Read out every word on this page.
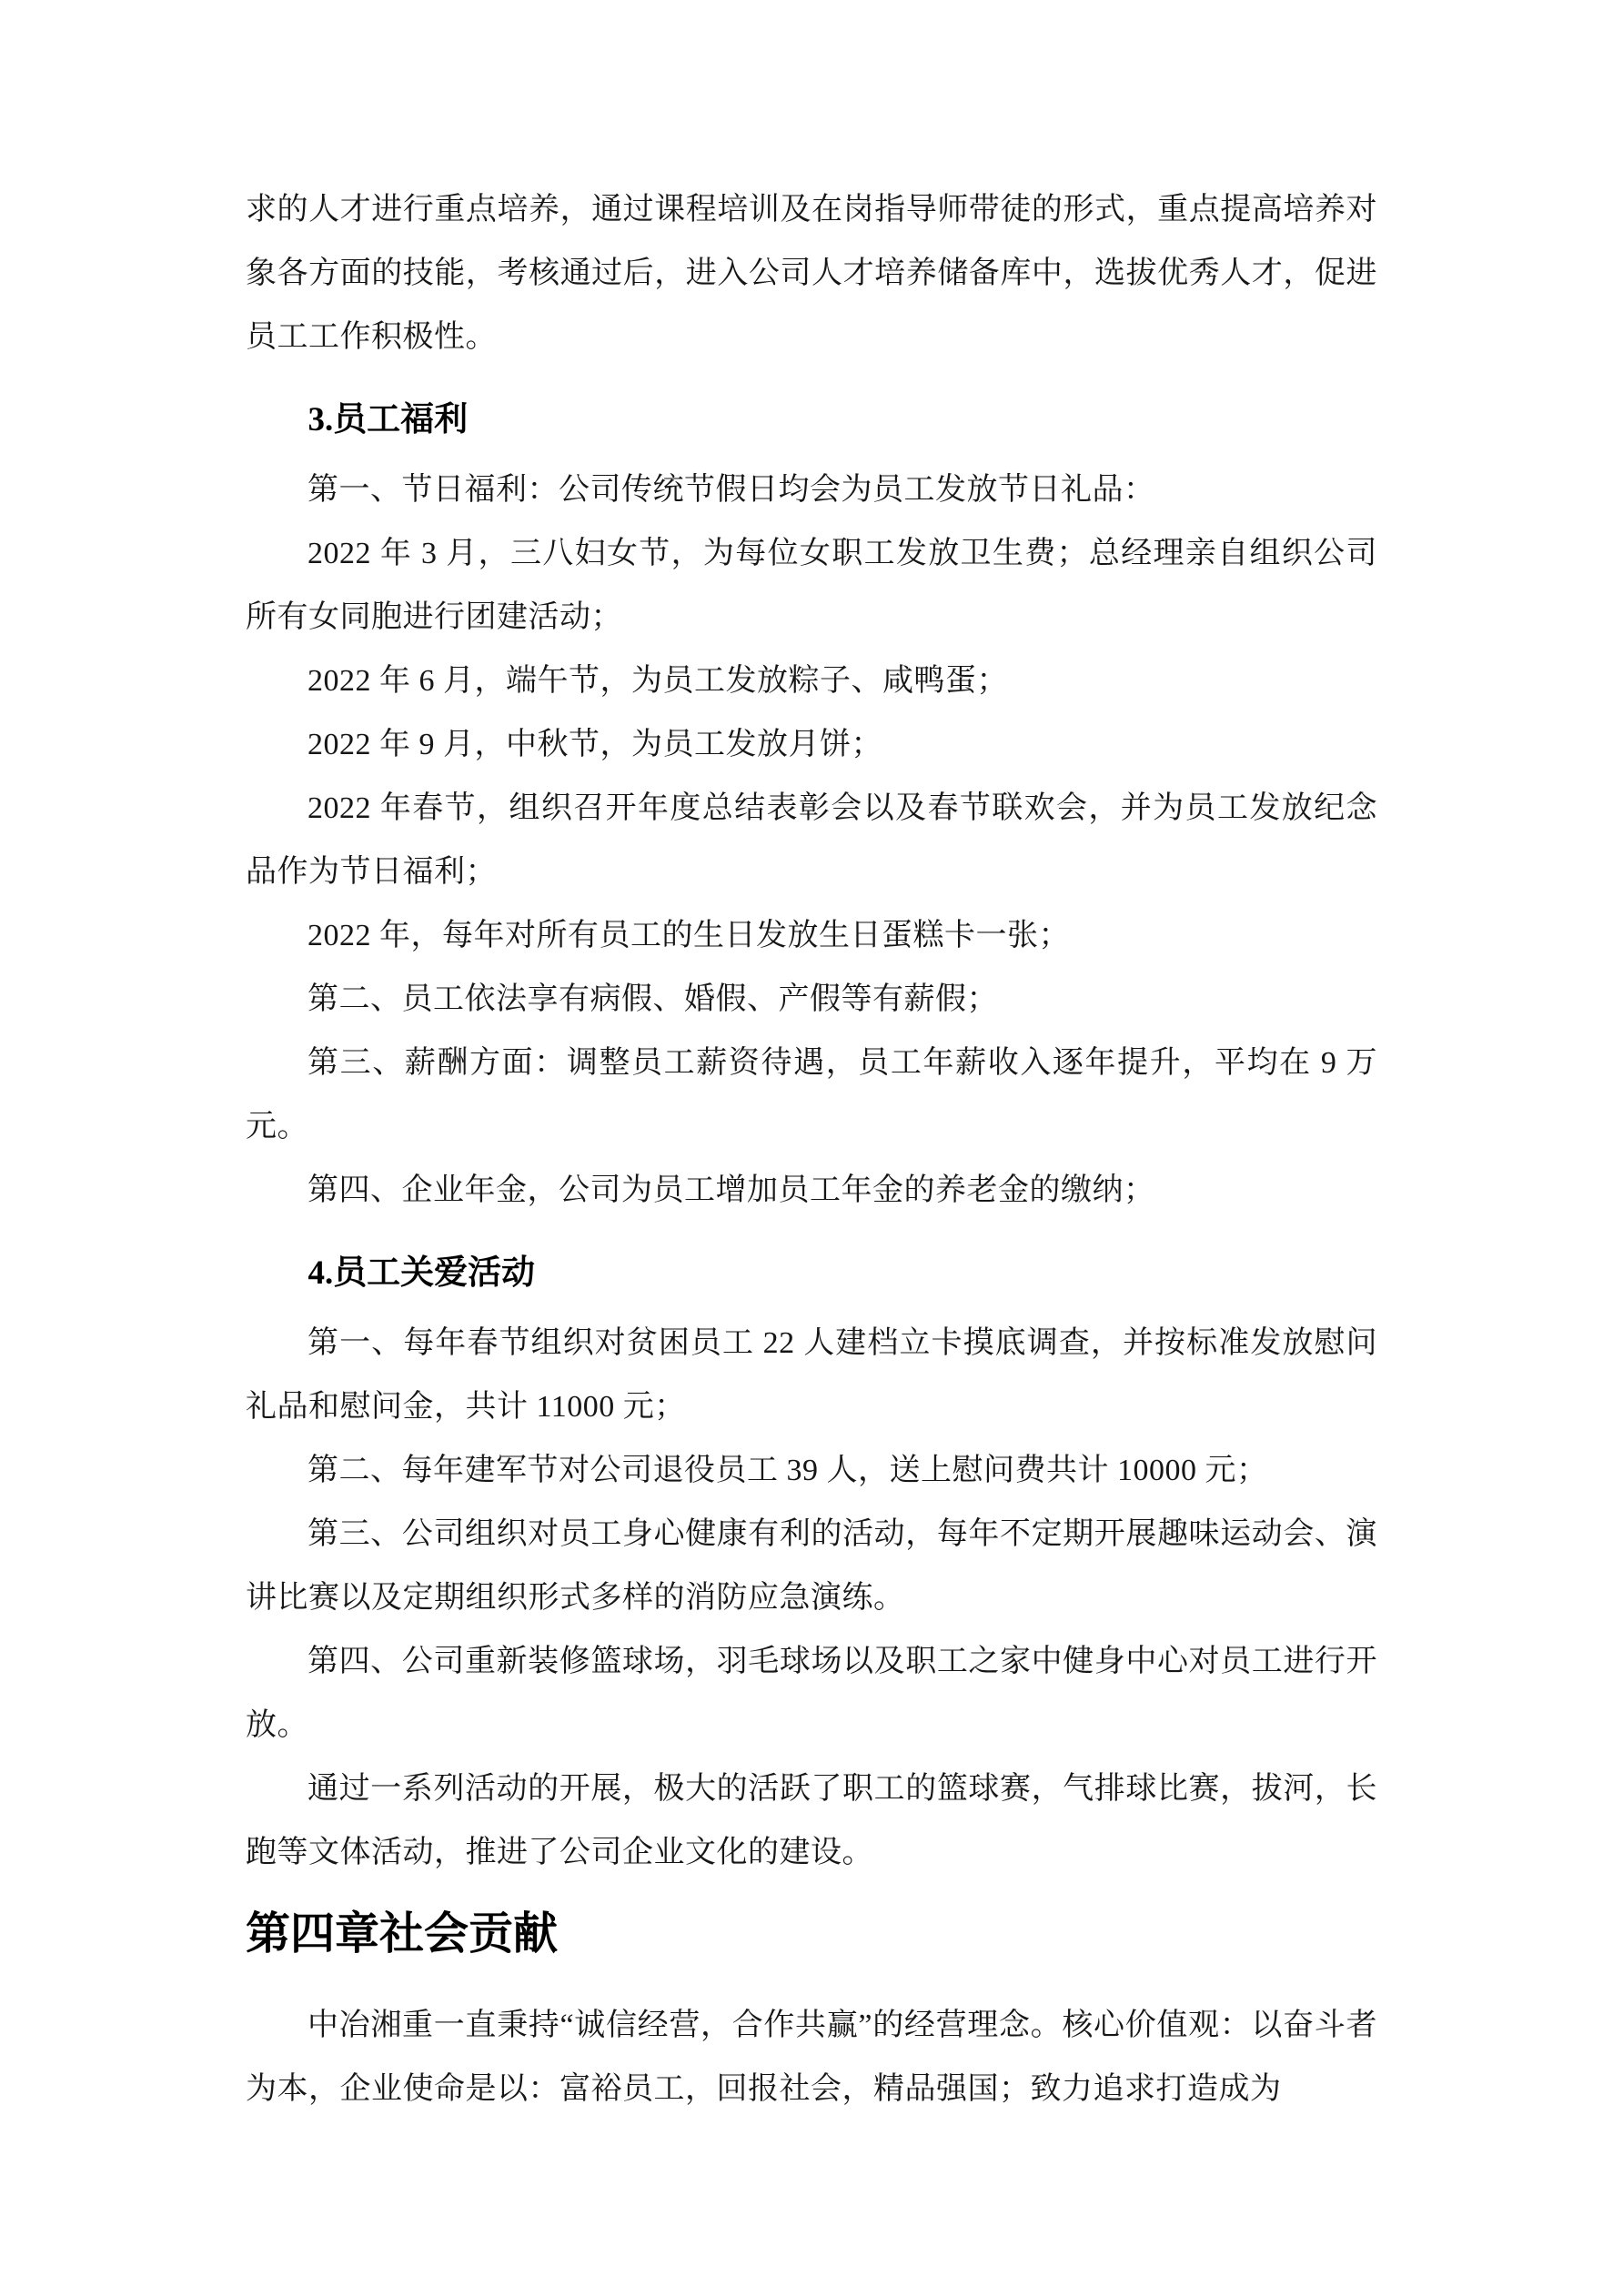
求的人才进行重点培养，通过课程培训及在岗指导师带徒的形式，重点提高培养对象各方面的技能，考核通过后，进入公司人才培养储备库中，选拔优秀人才，促进员工工作积极性。

3.员工福利

第一、节日福利：公司传统节假日均会为员工发放节日礼品：

2022 年 3 月，三八妇女节，为每位女职工发放卫生费；总经理亲自组织公司所有女同胞进行团建活动；

2022 年 6 月，端午节，为员工发放粽子、咸鸭蛋；

2022 年 9 月，中秋节，为员工发放月饼；

2022 年春节，组织召开年度总结表彰会以及春节联欢会，并为员工发放纪念品作为节日福利；

2022 年，每年对所有员工的生日发放生日蛋糕卡一张；

第二、员工依法享有病假、婚假、产假等有薪假；

第三、薪酬方面：调整员工薪资待遇，员工年薪收入逐年提升，平均在 9 万元。

第四、企业年金，公司为员工增加员工年金的养老金的缴纳；

4.员工关爱活动

第一、每年春节组织对贫困员工 22 人建档立卡摸底调查，并按标准发放慰问礼品和慰问金，共计 11000 元；

第二、每年建军节对公司退役员工 39 人，送上慰问费共计 10000 元；

第三、公司组织对员工身心健康有利的活动，每年不定期开展趣味运动会、演讲比赛以及定期组织形式多样的消防应急演练。

第四、公司重新装修篮球场，羽毛球场以及职工之家中健身中心对员工进行开放。

通过一系列活动的开展，极大的活跃了职工的篮球赛，气排球比赛，拔河，长跑等文体活动，推进了公司企业文化的建设。

第四章社会贡献

中冶湘重一直秉持“诚信经营，合作共赢”的经营理念。核心价值观：以奋斗者为本，企业使命是以：富裕员工，回报社会，精品强国；致力追求打造成为
